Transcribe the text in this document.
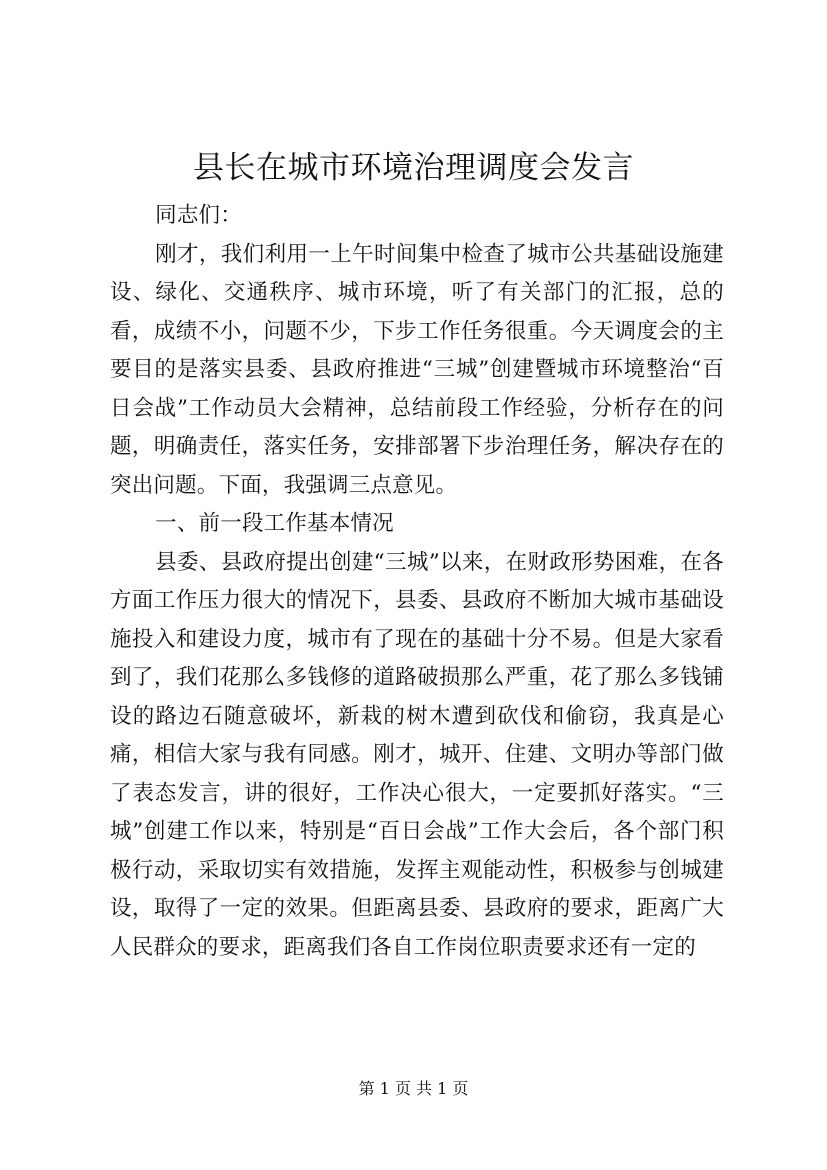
县长在城市环境治理调度会发言

同志们：

刚才，我们利用一上午时间集中检查了城市公共基础设施建设、绿化、交通秩序、城市环境，听了有关部门的汇报，总的看，成绩不小，问题不少，下步工作任务很重。今天调度会的主要目的是落实县委、县政府推进“三城”创建暨城市环境整治“百日会战”工作动员大会精神，总结前段工作经验，分析存在的问题，明确责任，落实任务，安排部署下步治理任务，解决存在的突出问题。下面，我强调三点意见。

一、前一段工作基本情况

县委、县政府提出创建“三城”以来，在财政形势困难，在各方面工作压力很大的情况下，县委、县政府不断加大城市基础设施投入和建设力度，城市有了现在的基础十分不易。但是大家看到了，我们花那么多钱修的道路破损那么严重，花了那么多钱铺设的路边石随意破坏，新栽的树木遭到砍伐和偷窃，我真是心痛，相信大家与我有同感。刚才，城开、住建、文明办等部门做了表态发言，讲的很好，工作决心很大，一定要抓好落实。“三城”创建工作以来，特别是“百日会战”工作大会后，各个部门积极行动，采取切实有效措施，发挥主观能动性，积极参与创城建设，取得了一定的效果。但距离县委、县政府的要求，距离广大人民群众的要求，距离我们各自工作岗位职责要求还有一定的

第 1 页 共 1 页
